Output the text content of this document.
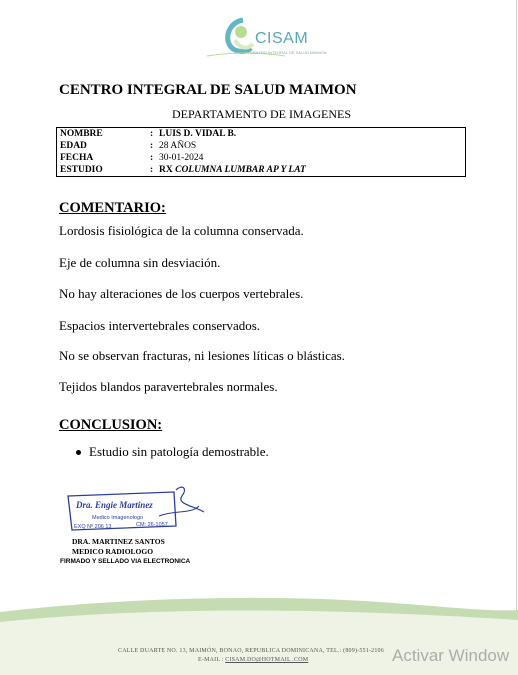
CISAM
CENTRO INTEGRAL DE SALUD MAIMON
CENTRO INTEGRAL DE SALUD MAIMON
DEPARTAMENTO DE IMAGENES
NOMBRE	: LUIS D. VIDAL B.
EDAD	: 28 AÑOS
FECHA	: 30-01-2024
ESTUDIO	: RX COLUMNA LUMBAR AP Y LAT
COMENTARIO:
Lordosis fisiológica de la columna conservada.
Eje de columna sin desviación.
No hay alteraciones de los cuerpos vertebrales.
Espacios intervertebrales conservados.
No se observan fracturas, ni lesiones líticas o blásticas.
Tejidos blandos paravertebrales normales.
CONCLUSION:
Estudio sin patología demostrable.
Dra. Engie Martinez
Medico Imagenologo
EXQ Nº 206 13	CM: 26-1057
DRA. MARTINEZ SANTOS
MEDICO RADIOLOGO
FIRMADO Y SELLADO VIA ELECTRONICA
CALLE DUARTE NO. 13, MAIMÓN, BONAO, REPUBLICA DOMINICANA, TEL.: (809)-551-2106
E-MAIL : CISAM.DO@HOTMAIL .COM	Activar Window
